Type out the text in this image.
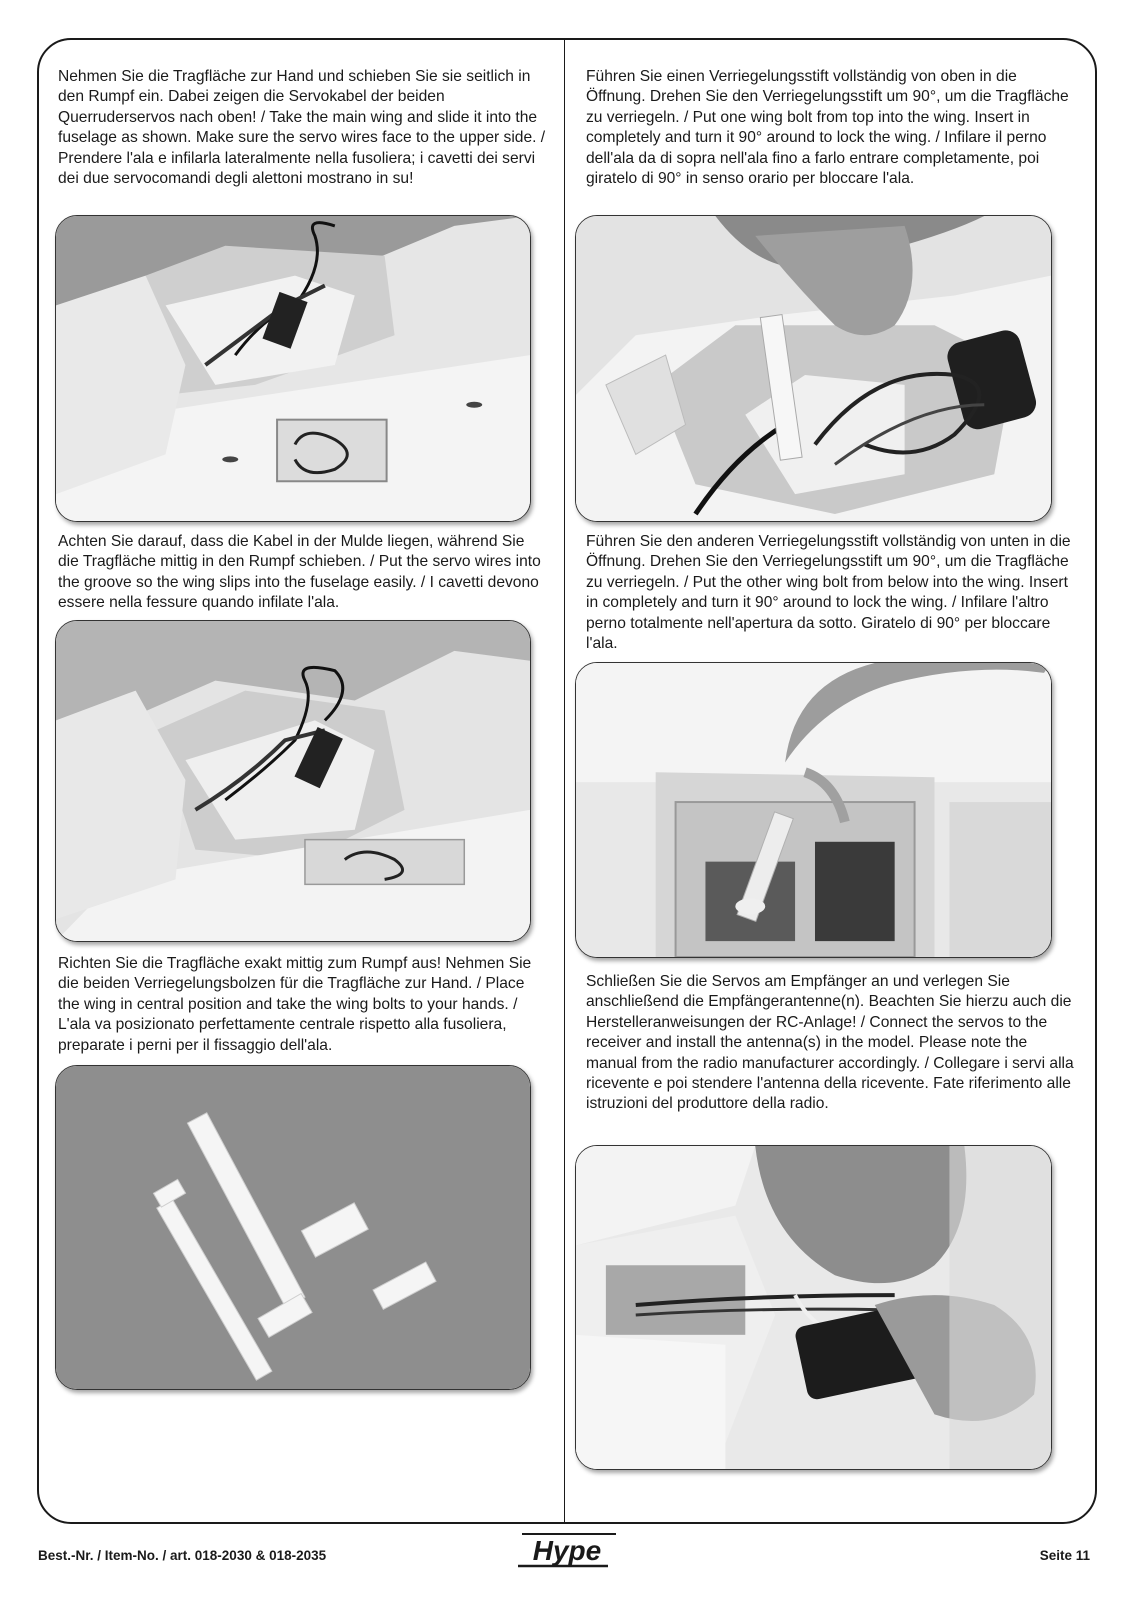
Nehmen Sie die Tragfläche zur Hand und schieben Sie sie seitlich in den Rumpf ein. Dabei zeigen die Servokabel der beiden Querruderservos nach oben! / Take the main wing and slide it into the fuselage as shown. Make sure the servo wires face to the upper side. / Prendere l'ala e infilarla lateralmente nella fusoliera; i cavetti dei servi dei due servocomandi degli alettoni mostrano in su!

Achten Sie darauf, dass die Kabel in der Mulde liegen, während Sie die Tragfläche mittig in den Rumpf schieben. / Put the servo wires into the groove so the wing slips into the fuselage easily. / I cavetti devono essere nella fessure quando infilate l'ala.

Richten Sie die Tragfläche exakt mittig zum Rumpf aus! Nehmen Sie die beiden Verriegelungsbolzen für die Tragfläche zur Hand. / Place the wing in central position and take the wing bolts to your hands. / L'ala va posizionato perfettamente centrale rispetto alla fusoliera, preparate i perni per il fissaggio dell'ala.

Führen Sie einen Verriegelungsstift vollständig von oben in die Öffnung. Drehen Sie den Verriegelungsstift um 90°, um die Tragfläche zu verriegeln. / Put one wing bolt from top into the wing. Insert in completely and turn it 90° around to lock the wing. / Infilare il perno dell'ala da di sopra nell'ala fino a farlo entrare completamente, poi giratelo di 90° in senso orario per bloccare l'ala.

Führen Sie den anderen Verriegelungsstift vollständig von unten in die Öffnung. Drehen Sie den Verriegelungsstift um 90°, um die Tragfläche zu verriegeln. / Put the other wing bolt from below into the wing. Insert in completely and turn it 90° around to lock the wing. / Infilare l'altro perno totalmente nell'apertura da sotto. Giratelo di 90° per bloccare l'ala.

Schließen Sie die Servos am Empfänger an und verlegen Sie anschließend die Empfängerantenne(n). Beachten Sie hierzu auch die Herstelleranweisungen der RC-Anlage! / Connect the servos to the receiver and install the antenna(s) in the model. Please note the manual from the radio manufacturer accordingly. / Collegare i servi alla ricevente e poi stendere l'antenna della ricevente. Fate riferimento alle istruzioni del produttore della radio.

Best.-Nr. / Item-No. / art. 018-2030 & 018-2035	Hype	Seite 11
